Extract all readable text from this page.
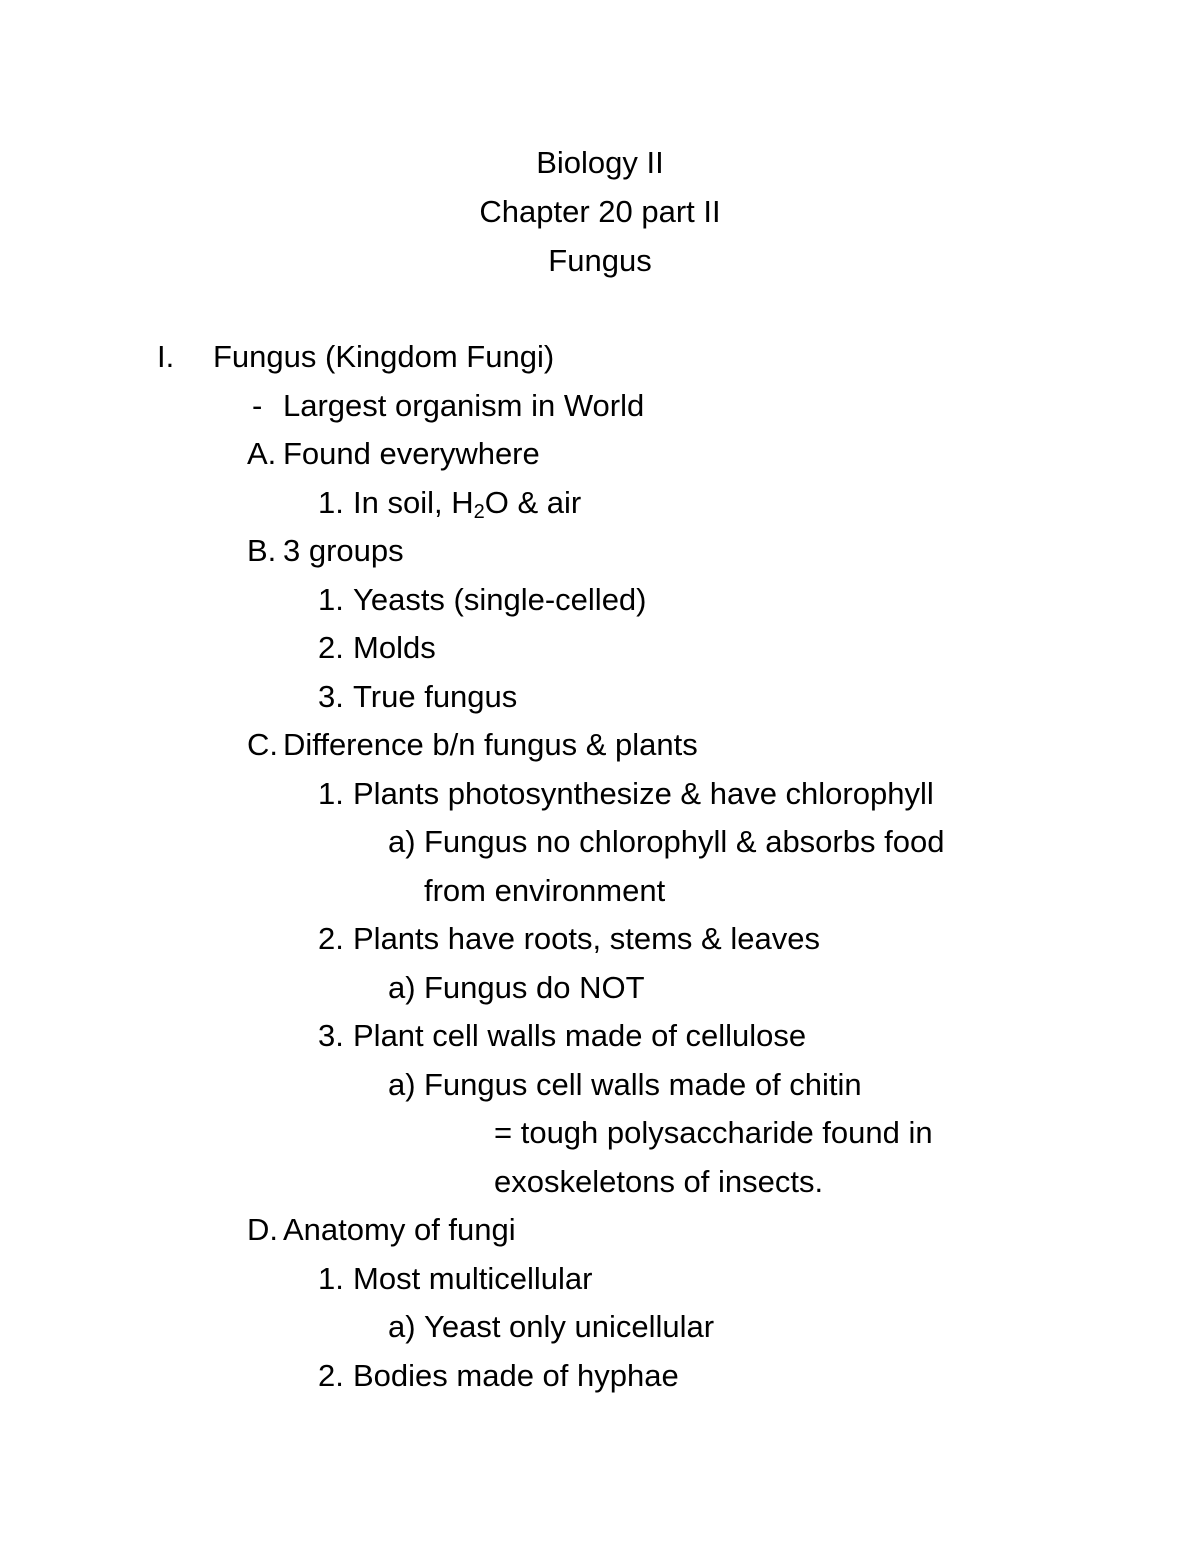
Biology II
Chapter 20 part II
Fungus
I. Fungus (Kingdom Fungi)
- Largest organism in World
A. Found everywhere
1. In soil, $H_2O$ & air
B. 3 groups
1. Yeasts (single-celled)
2. Molds
3. True fungus
C. Difference b/n fungus & plants
1. Plants photosynthesize & have chlorophyll
a) Fungus no chlorophyll & absorbs food
from environment
2. Plants have roots, stems & leaves
a) Fungus do NOT
3. Plant cell walls made of cellulose
a) Fungus cell walls made of chitin
= tough polysaccharide found in
exoskeletons of insects.
D. Anatomy of fungi
1. Most multicellular
a) Yeast only unicellular
2. Bodies made of hyphae
